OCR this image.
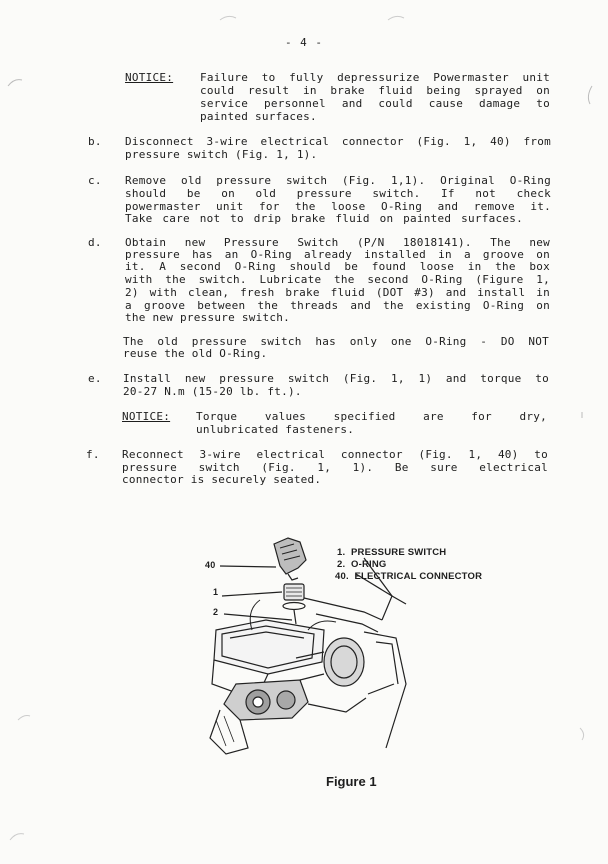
- 4 -
NOTICE: Failure to fully depressurize Powermaster unit
could result in brake fluid being sprayed on
service personnel and could cause damage to
painted surfaces.
b. Disconnect 3-wire electrical connector (Fig. 1, 40) from
pressure switch (Fig. 1, 1).
c. Remove old pressure switch (Fig. 1,1). Original O-Ring
should be on old pressure switch. If not check
powermaster unit for the loose O-Ring and remove it.
Take care not to drip brake fluid on painted surfaces.
d. Obtain new Pressure Switch (P/N 18018141). The new
pressure has an O-Ring already installed in a groove on
it. A second O-Ring should be found loose in the box
with the switch. Lubricate the second O-Ring (Figure 1,
2) with clean, fresh brake fluid (DOT #3) and install in
a groove between the threads and the existing O-Ring on
the new pressure switch.
The old pressure switch has only one O-Ring - DO NOT
reuse the old O-Ring.
e. Install new pressure switch (Fig. 1, 1) and torque to
20-27 N.m (15-20 lb. ft.).
NOTICE: Torque values specified are for dry,
unlubricated fasteners.
f. Reconnect 3-wire electrical connector (Fig. 1, 40) to
pressure switch (Fig. 1, 1). Be sure electrical
connector is securely seated.
40
1
2
1.  PRESSURE SWITCH
2.  O-RING
40.  ELECTRICAL CONNECTOR
Figure 1
